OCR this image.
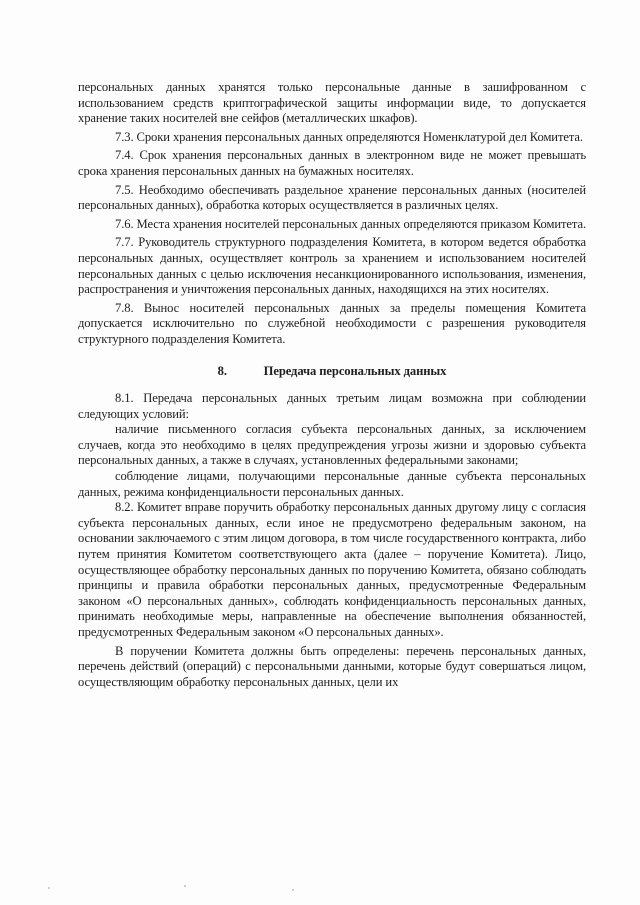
персональных данных хранятся только персональные данные в зашифрованном с использованием средств криптографической защиты информации виде, то допускается хранение таких носителей вне сейфов (металлических шкафов).

7.3. Сроки хранения персональных данных определяются Номенклатурой дел Комитета.

7.4. Срок хранения персональных данных в электронном виде не может превышать срока хранения персональных данных на бумажных носителях.

7.5. Необходимо обеспечивать раздельное хранение персональных данных (носителей персональных данных), обработка которых осуществляется в различных целях.

7.6. Места хранения носителей персональных данных определяются приказом Комитета.

7.7. Руководитель структурного подразделения Комитета, в котором ведется обработка персональных данных, осуществляет контроль за хранением и использованием носителей персональных данных с целью исключения несанкционированного использования, изменения, распространения и уничтожения персональных данных, находящихся на этих носителях.

7.8. Вынос носителей персональных данных за пределы помещения Комитета допускается исключительно по служебной необходимости с разрешения руководителя структурного подразделения Комитета.

8.	Передача персональных данных

8.1. Передача персональных данных третьим лицам возможна при соблюдении следующих условий:

наличие письменного согласия субъекта персональных данных, за исключением случаев, когда это необходимо в целях предупреждения угрозы жизни и здоровью субъекта персональных данных, а также в случаях, установленных федеральными законами;

соблюдение лицами, получающими персональные данные субъекта персональных данных, режима конфиденциальности персональных данных.

8.2. Комитет вправе поручить обработку персональных данных другому лицу с согласия субъекта персональных данных, если иное не предусмотрено федеральным законом, на основании заключаемого с этим лицом договора, в том числе государственного контракта, либо путем принятия Комитетом соответствующего акта (далее – поручение Комитета). Лицо, осуществляющее обработку персональных данных по поручению Комитета, обязано соблюдать принципы и правила обработки персональных данных, предусмотренные Федеральным законом «О персональных данных», соблюдать конфиденциальность персональных данных, принимать необходимые меры, направленные на обеспечение выполнения обязанностей, предусмотренных Федеральным законом «О персональных данных».

В поручении Комитета должны быть определены: перечень персональных данных, перечень действий (операций) с персональными данными, которые будут совершаться лицом, осуществляющим обработку персональных данных, цели их
